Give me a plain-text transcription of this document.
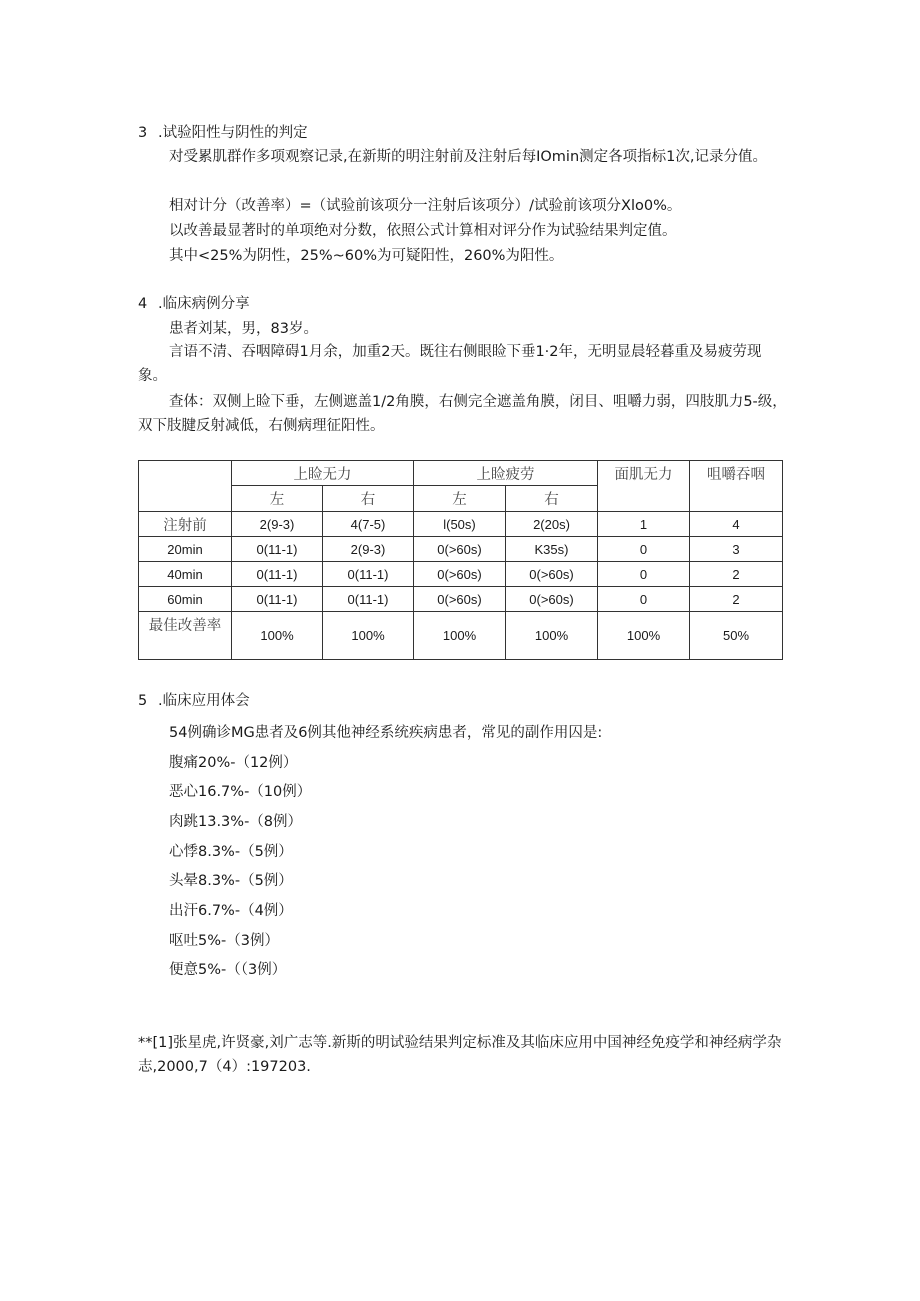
3 .试验阳性与阴性的判定
对受累肌群作多项观察记录,在新斯的明注射前及注射后每IOmin测定各项指标1次,记录分值。
相对计分（改善率）=（试验前该项分一注射后该项分）/试验前该项分Xlo0%。
以改善最显著时的单项绝对分数，依照公式计算相对评分作为试验结果判定值。
其中<25%为阴性，25%~60%为可疑阳性，260%为阳性。
4 .临床病例分享
患者刘某，男，83岁。
言语不清、吞咽障碍1月余，加重2天。既往右侧眼睑下垂1·2年，无明显晨轻暮重及易疲劳现象。
查体：双侧上睑下垂，左侧遮盖1/2角膜，右侧完全遮盖角膜，闭目、咀嚼力弱，四肢肌力5-级，双下肢腱反射减低，右侧病理征阳性。
	上睑无力		上睑疲劳		面肌无力	咀嚼吞咽
	左	右	左	右		
注射前	2(9-3)	4(7-5)	l(50s)	2(20s)	1	4
20min	0(11-1)	2(9-3)	0(>60s)	K35s)	0	3
40min	0(11-1)	0(11-1)	0(>60s)	0(>60s)	0	2
60min	0(11-1)	0(11-1)	0(>60s)	0(>60s)	0	2
最佳改善率	100%	100%	100%	100%	100%	50%
5 .临床应用体会
54例确诊MG患者及6例其他神经系统疾病患者，常见的副作用囚是:
腹痛20%-（12例）
恶心16.7%-（10例）
肉跳13.3%-（8例）
心悸8.3%-（5例）
头晕8.3%-（5例）
出汗6.7%-（4例）
呕吐5%-（3例）
便意5%-（（3例）
**[1]张星虎,许贤豪,刘广志等.新斯的明试验结果判定标准及其临床应用中国神经免疫学和神经病学杂志,2000,7（4）:197203.
